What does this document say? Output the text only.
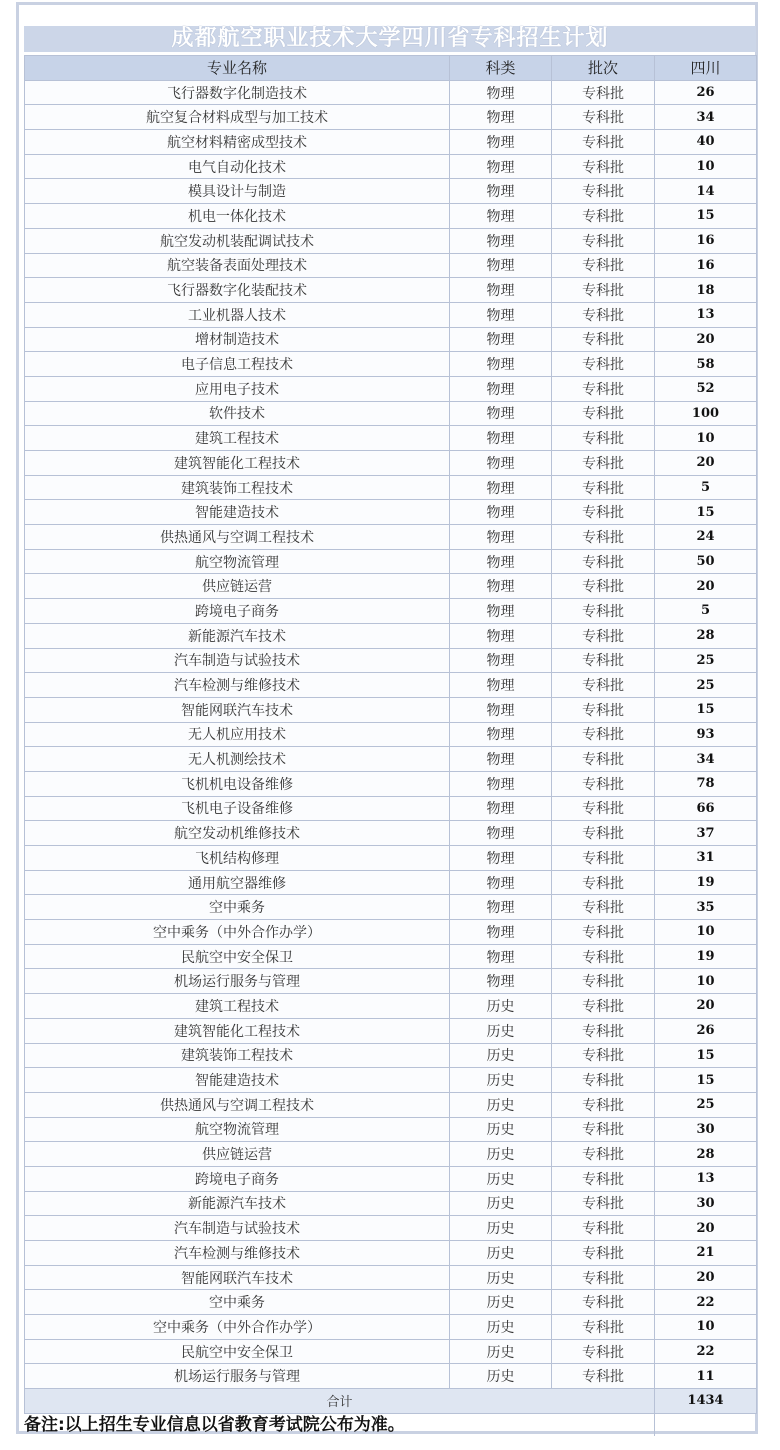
成都航空职业技术大学四川省专科招生计划
专业名称	科类	批次	四川
飞行器数字化制造技术	物理	专科批	26
航空复合材料成型与加工技术	物理	专科批	34
航空材料精密成型技术	物理	专科批	40
电气自动化技术	物理	专科批	10
模具设计与制造	物理	专科批	14
机电一体化技术	物理	专科批	15
航空发动机装配调试技术	物理	专科批	16
航空装备表面处理技术	物理	专科批	16
飞行器数字化装配技术	物理	专科批	18
工业机器人技术	物理	专科批	13
增材制造技术	物理	专科批	20
电子信息工程技术	物理	专科批	58
应用电子技术	物理	专科批	52
软件技术	物理	专科批	100
建筑工程技术	物理	专科批	10
建筑智能化工程技术	物理	专科批	20
建筑装饰工程技术	物理	专科批	5
智能建造技术	物理	专科批	15
供热通风与空调工程技术	物理	专科批	24
航空物流管理	物理	专科批	50
供应链运营	物理	专科批	20
跨境电子商务	物理	专科批	5
新能源汽车技术	物理	专科批	28
汽车制造与试验技术	物理	专科批	25
汽车检测与维修技术	物理	专科批	25
智能网联汽车技术	物理	专科批	15
无人机应用技术	物理	专科批	93
无人机测绘技术	物理	专科批	34
飞机机电设备维修	物理	专科批	78
飞机电子设备维修	物理	专科批	66
航空发动机维修技术	物理	专科批	37
飞机结构修理	物理	专科批	31
通用航空器维修	物理	专科批	19
空中乘务	物理	专科批	35
空中乘务（中外合作办学）	物理	专科批	10
民航空中安全保卫	物理	专科批	19
机场运行服务与管理	物理	专科批	10
建筑工程技术	历史	专科批	20
建筑智能化工程技术	历史	专科批	26
建筑装饰工程技术	历史	专科批	15
智能建造技术	历史	专科批	15
供热通风与空调工程技术	历史	专科批	25
航空物流管理	历史	专科批	30
供应链运营	历史	专科批	28
跨境电子商务	历史	专科批	13
新能源汽车技术	历史	专科批	30
汽车制造与试验技术	历史	专科批	20
汽车检测与维修技术	历史	专科批	21
智能网联汽车技术	历史	专科批	20
空中乘务	历史	专科批	22
空中乘务（中外合作办学）	历史	专科批	10
民航空中安全保卫	历史	专科批	22
机场运行服务与管理	历史	专科批	11
合计			1434
备注:以上招生专业信息以省教育考试院公布为准。
